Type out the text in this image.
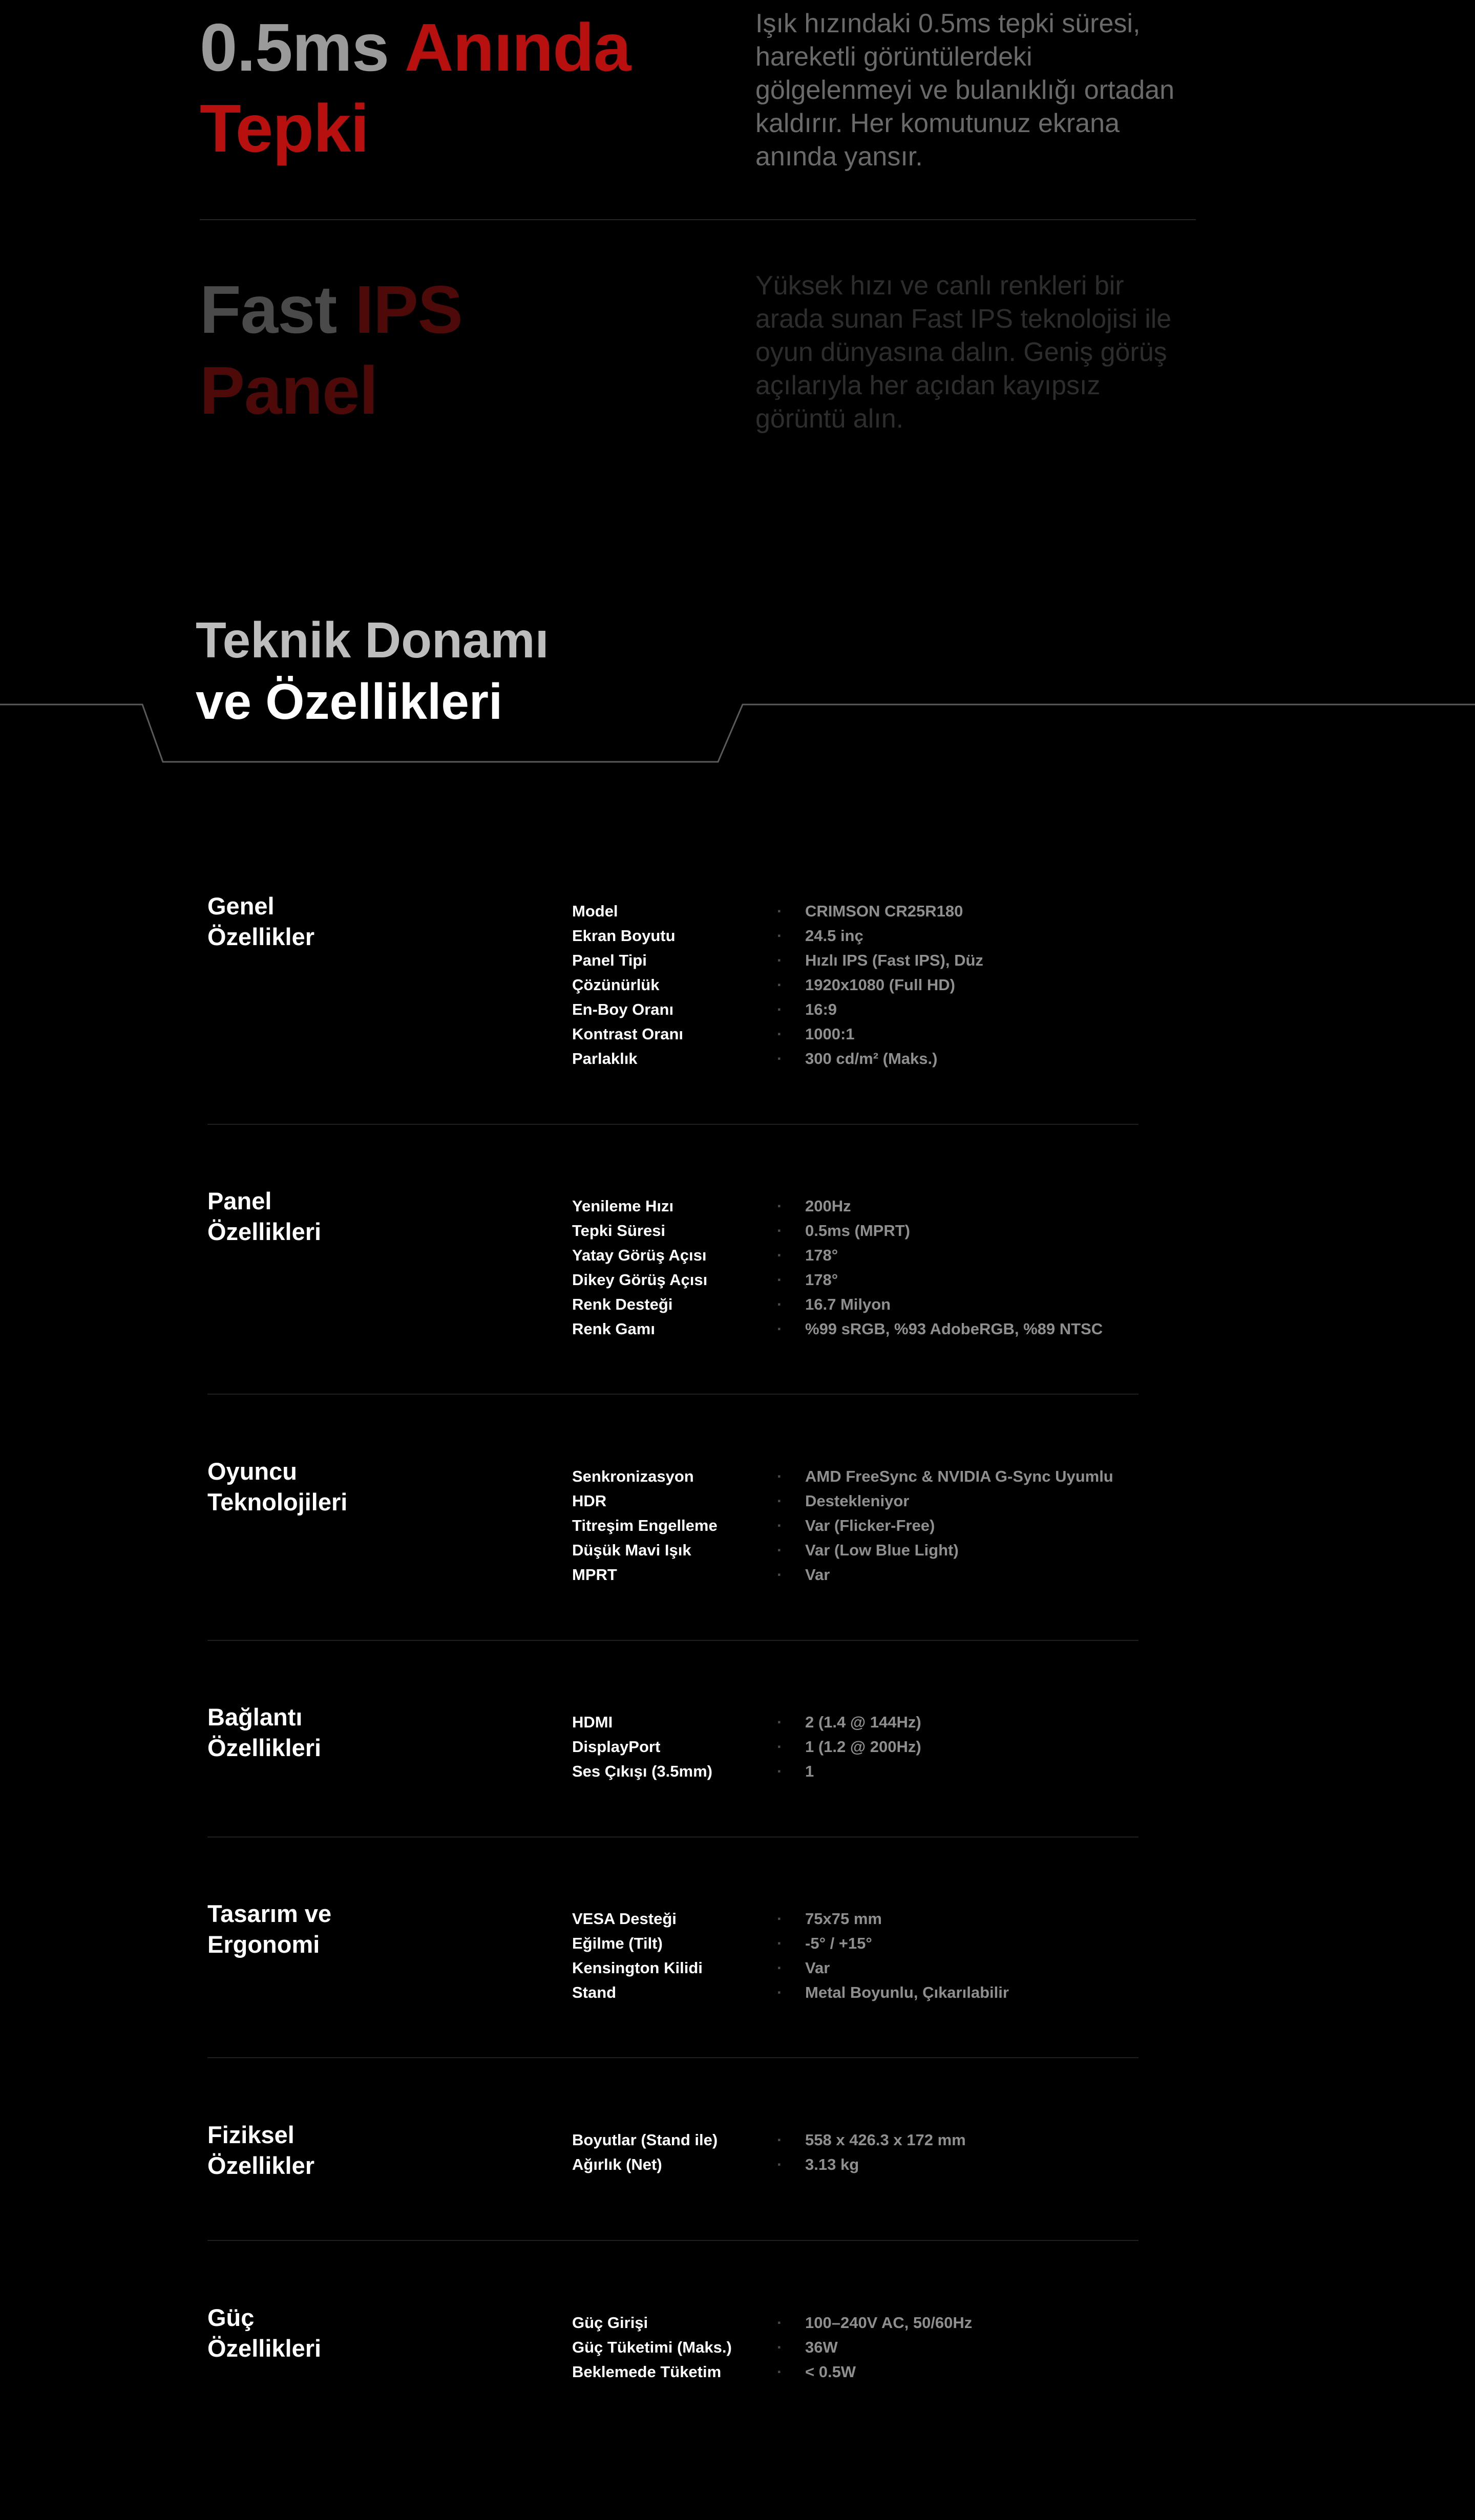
0.5ms Anında
Tepki

Işık hızındaki 0.5ms tepki süresi, hareketli görüntülerdeki gölgelenmeyi ve bulanıklığı ortadan kaldırır. Her komutunuz ekrana anında yansır.

Fast IPS
Panel

Yüksek hızı ve canlı renkleri bir arada sunan Fast IPS teknolojisi ile oyun dünyasına dalın. Geniş görüş açılarıyla her açıdan kayıpsız görüntü alın.

Teknik Donamı
ve Özellikleri
Genel
Özellikler
Model	· CRIMSON CR25R180
Ekran Boyutu	· 24.5 inç
Panel Tipi	· Hızlı IPS (Fast IPS), Düz
Çözünürlük	· 1920x1080 (Full HD)
En-Boy Oranı	· 16:9
Kontrast Oranı	· 1000:1
Parlaklık	· 300 cd/m² (Maks.)
Panel
Özellikleri
Yenileme Hızı	· 200Hz
Tepki Süresi	· 0.5ms (MPRT)
Yatay Görüş Açısı	· 178°
Dikey Görüş Açısı	· 178°
Renk Desteği	· 16.7 Milyon
Renk Gamı	· %99 sRGB, %93 AdobeRGB, %89 NTSC
Oyuncu
Teknolojileri
Senkronizasyon	· AMD FreeSync & NVIDIA G-Sync Uyumlu
HDR	· Destekleniyor
Titreşim Engelleme	· Var (Flicker-Free)
Düşük Mavi Işık	· Var (Low Blue Light)
MPRT	· Var
Bağlantı
Özellikleri
HDMI	· 2 (1.4 @ 144Hz)
DisplayPort	· 1 (1.2 @ 200Hz)
Ses Çıkışı (3.5mm)	· 1
Tasarım ve
Ergonomi
VESA Desteği	· 75x75 mm
Eğilme (Tilt)	· -5° / +15°
Kensington Kilidi	· Var
Stand	· Metal Boyunlu, Çıkarılabilir
Fiziksel
Özellikler
Boyutlar (Stand ile)	· 558 x 426.3 x 172 mm
Ağırlık (Net)	· 3.13 kg
Güç
Özellikleri
Güç Girişi	· 100–240V AC, 50/60Hz
Güç Tüketimi (Maks.)	· 36W
Beklemede Tüketim	· < 0.5W
